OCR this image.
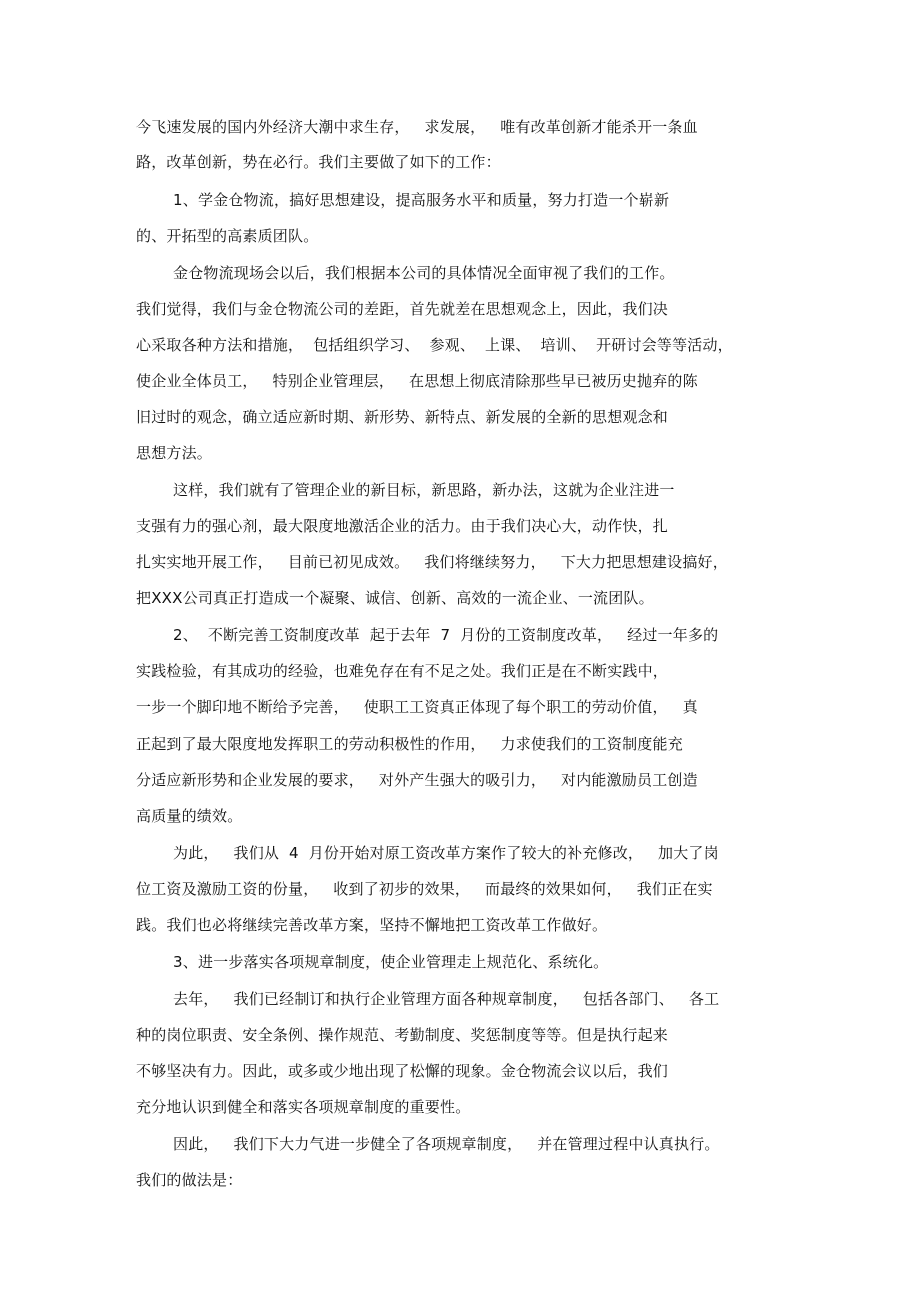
今飞速发展的国内外经济大潮中求生存，   求发展，   唯有改革创新才能杀开一条血
路，改革创新，势在必行。我们主要做了如下的工作：
1、学金仓物流，搞好思想建设，提高服务水平和质量，努力打造一个崭新
的、开拓型的高素质团队。
金仓物流现场会以后，我们根据本公司的具体情况全面审视了我们的工作。
我们觉得，我们与金仓物流公司的差距，首先就差在思想观念上，因此，我们决
心采取各种方法和措施，  包括组织学习、  参观、  上课、  培训、  开研讨会等等活动，
使企业全体员工，   特别企业管理层，   在思想上彻底清除那些早已被历史抛弃的陈
旧过时的观念，确立适应新时期、新形势、新特点、新发展的全新的思想观念和
思想方法。
这样，我们就有了管理企业的新目标，新思路，新办法，这就为企业注进一
支强有力的强心剂，最大限度地激活企业的活力。由于我们决心大，动作快，扎
扎实实地开展工作，   目前已初见成效。   我们将继续努力，   下大力把思想建设搞好，
把XXX公司真正打造成一个凝聚、诚信、创新、高效的一流企业、一流团队。
2、  不断完善工资制度改革  起于去年  7  月份的工资制度改革，   经过一年多的
实践检验，有其成功的经验，也难免存在有不足之处。我们正是在不断实践中，
一步一个脚印地不断给予完善，   使职工工资真正体现了每个职工的劳动价值，   真
正起到了最大限度地发挥职工的劳动积极性的作用，   力求使我们的工资制度能充
分适应新形势和企业发展的要求，   对外产生强大的吸引力，   对内能激励员工创造
高质量的绩效。
为此，   我们从  4  月份开始对原工资改革方案作了较大的补充修改，   加大了岗
位工资及激励工资的份量，   收到了初步的效果，   而最终的效果如何，   我们正在实
践。我们也必将继续完善改革方案，坚持不懈地把工资改革工作做好。
3、进一步落实各项规章制度，使企业管理走上规范化、系统化。
去年，   我们已经制订和执行企业管理方面各种规章制度，   包括各部门、   各工
种的岗位职责、安全条例、操作规范、考勤制度、奖惩制度等等。但是执行起来
不够坚决有力。因此，或多或少地出现了松懈的现象。金仓物流会议以后，我们
充分地认识到健全和落实各项规章制度的重要性。
因此，   我们下大力气进一步健全了各项规章制度，   并在管理过程中认真执行。
我们的做法是：
